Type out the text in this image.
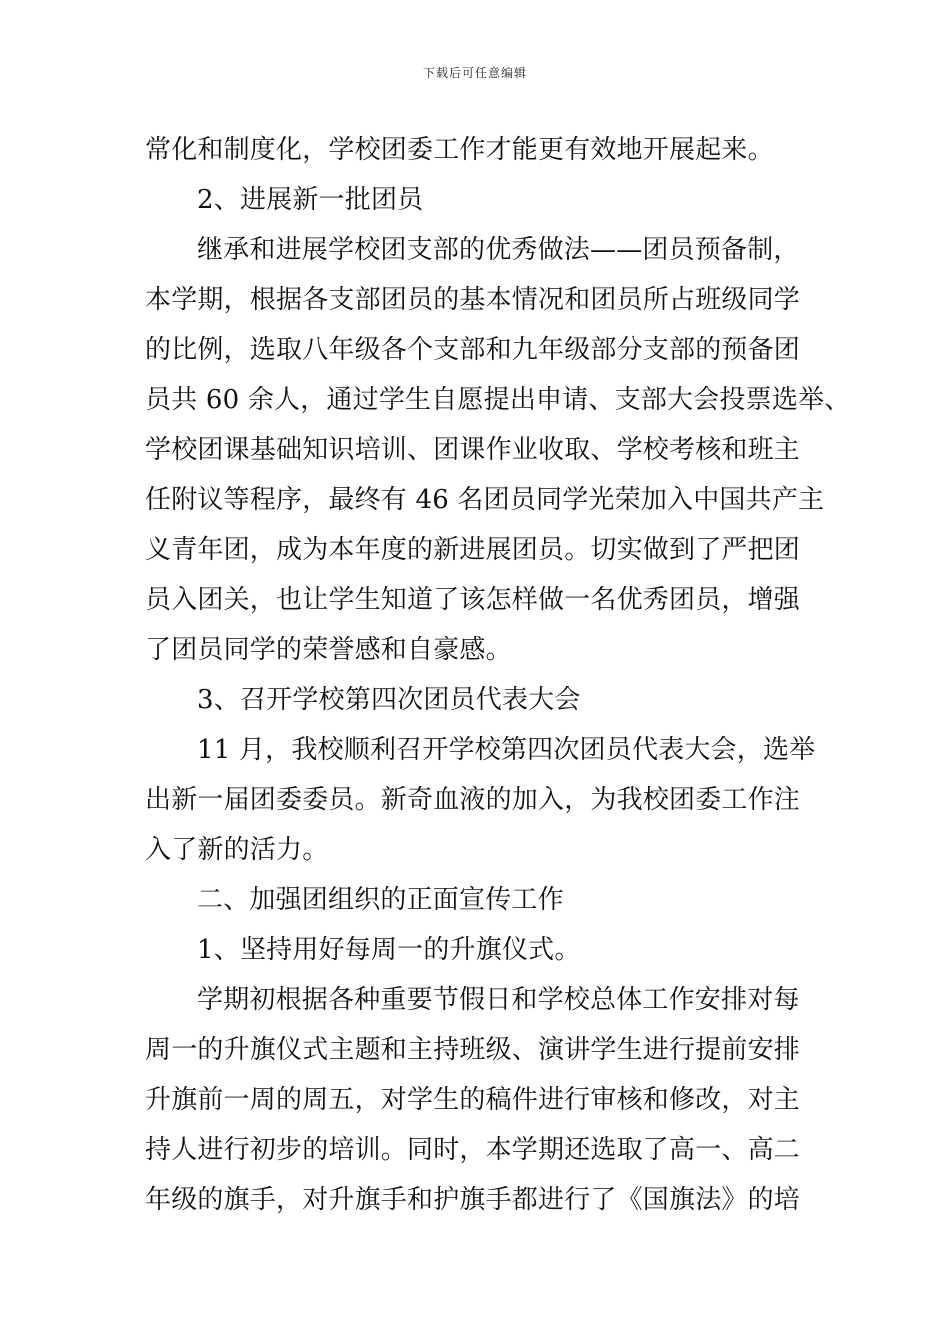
下载后可任意编辑
常化和制度化，学校团委工作才能更有效地开展起来。
2、进展新一批团员
继承和进展学校团支部的优秀做法——团员预备制，
本学期，根据各支部团员的基本情况和团员所占班级同学
的比例，选取八年级各个支部和九年级部分支部的预备团
员共 60 余人，通过学生自愿提出申请、支部大会投票选举、
学校团课基础知识培训、团课作业收取、学校考核和班主
任附议等程序，最终有 46 名团员同学光荣加入中国共产主
义青年团，成为本年度的新进展团员。切实做到了严把团
员入团关，也让学生知道了该怎样做一名优秀团员，增强
了团员同学的荣誉感和自豪感。
3、召开学校第四次团员代表大会
11 月，我校顺利召开学校第四次团员代表大会，选举
出新一届团委委员。新奇血液的加入，为我校团委工作注
入了新的活力。
二、加强团组织的正面宣传工作
1、坚持用好每周一的升旗仪式。
学期初根据各种重要节假日和学校总体工作安排对每
周一的升旗仪式主题和主持班级、演讲学生进行提前安排
升旗前一周的周五，对学生的稿件进行审核和修改，对主
持人进行初步的培训。同时，本学期还选取了高一、高二
年级的旗手，对升旗手和护旗手都进行了《国旗法》的培
